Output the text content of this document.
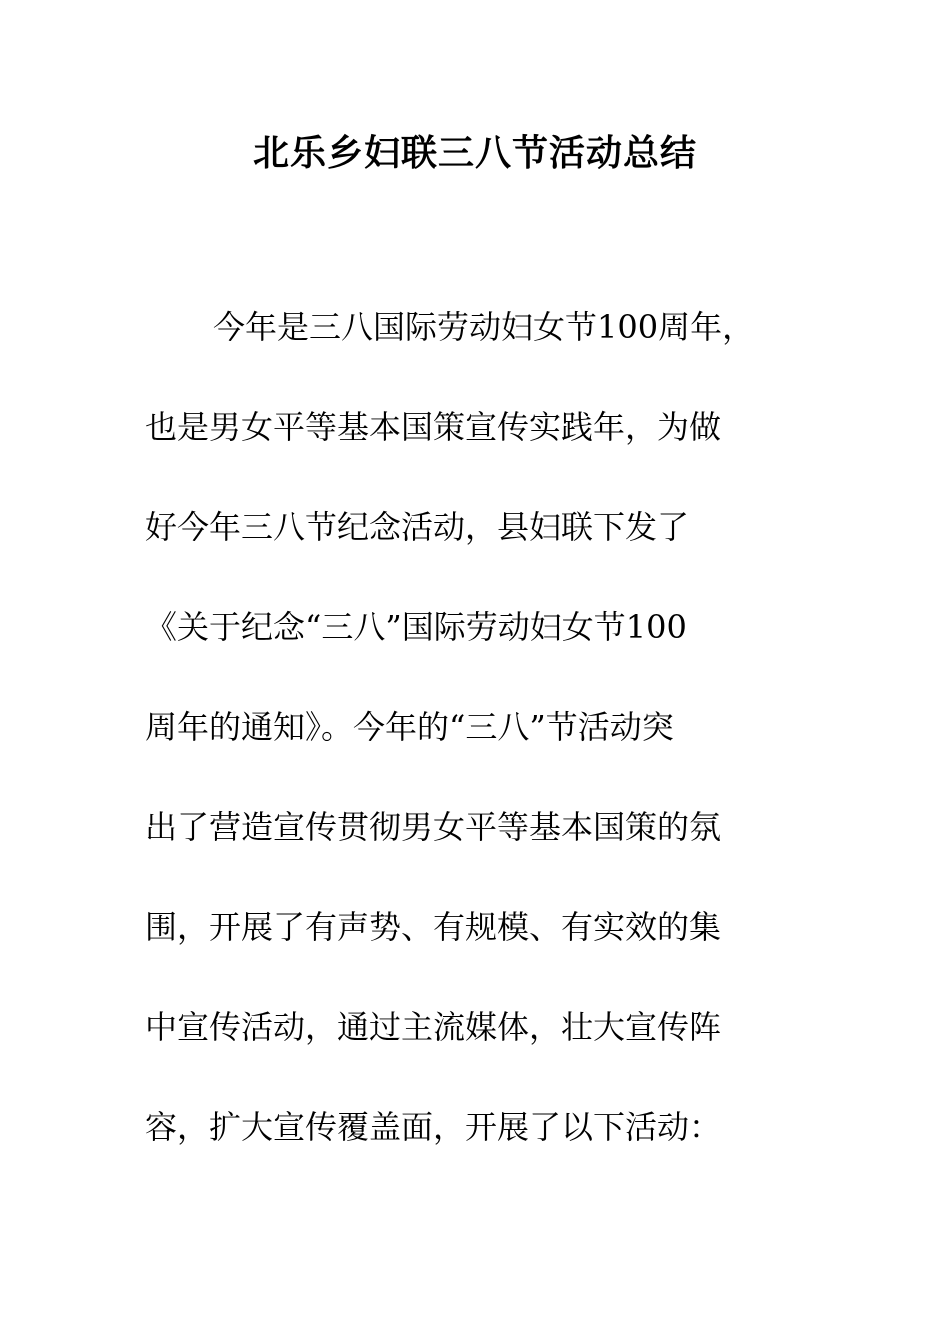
北乐乡妇联三八节活动总结
今年是三八国际劳动妇女节100周年，
也是男女平等基本国策宣传实践年，为做
好今年三八节纪念活动，县妇联下发了
《关于纪念“三八”国际劳动妇女节100
周年的通知》。今年的“三八”节活动突
出了营造宣传贯彻男女平等基本国策的氛
围，开展了有声势、有规模、有实效的集
中宣传活动，通过主流媒体，壮大宣传阵
容，扩大宣传覆盖面，开展了以下活动：
